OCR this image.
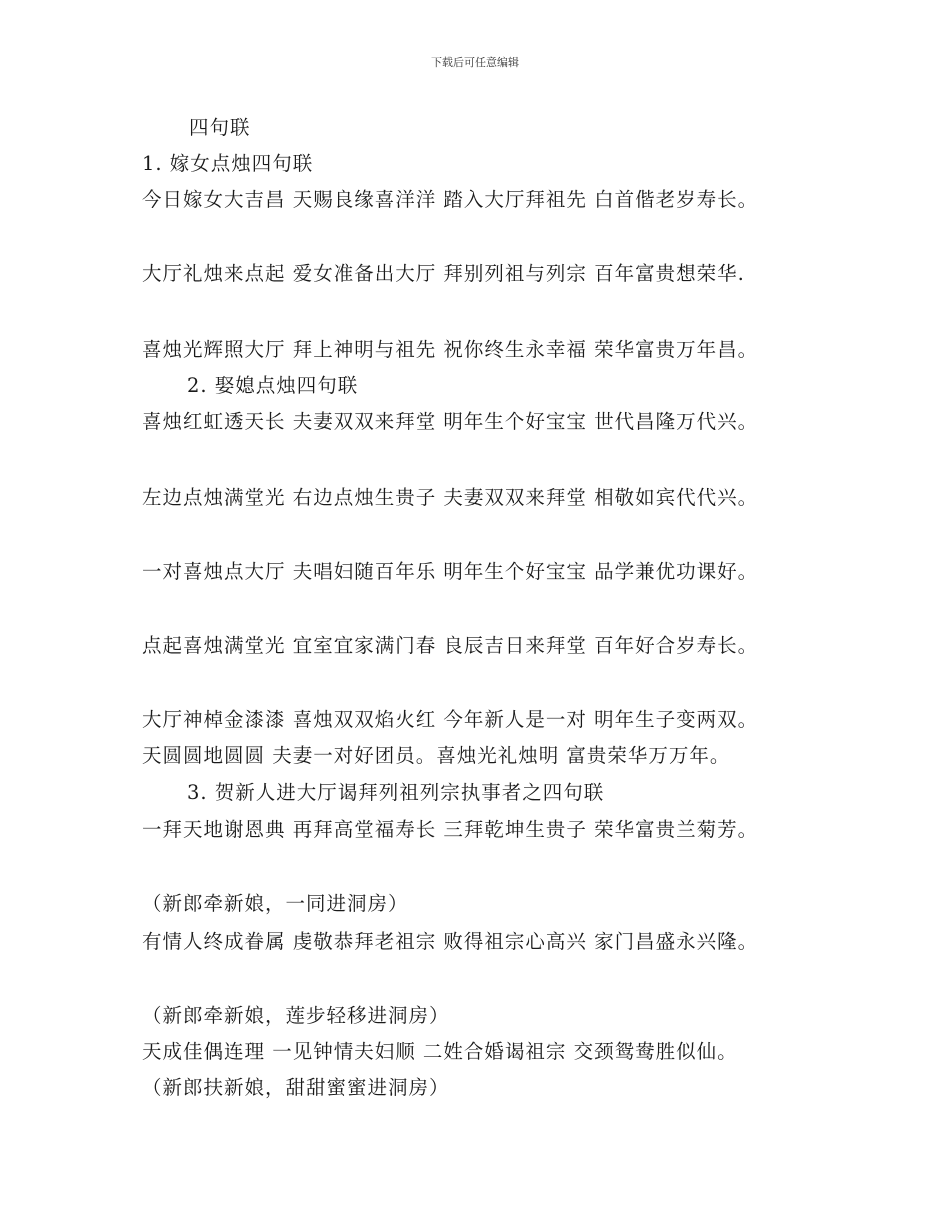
下载后可任意编辑
四句联
1. 嫁女点烛四句联
今日嫁女大吉昌 天赐良缘喜洋洋 踏入大厅拜祖先 白首偕老岁寿长。
大厅礼烛来点起 爱女准备出大厅 拜别列祖与列宗 百年富贵想荣华.
喜烛光辉照大厅 拜上神明与祖先 祝你终生永幸福 荣华富贵万年昌。
2. 娶媳点烛四句联
喜烛红虹透天长 夫妻双双来拜堂 明年生个好宝宝 世代昌隆万代兴。
左边点烛满堂光 右边点烛生贵子 夫妻双双来拜堂 相敬如宾代代兴。
一对喜烛点大厅 夫唱妇随百年乐 明年生个好宝宝 品学兼优功课好。
点起喜烛满堂光 宜室宜家满门春 良辰吉日来拜堂 百年好合岁寿长。
大厅神棹金漆漆 喜烛双双焰火红 今年新人是一对 明年生子变两双。
天圆圆地圆圆 夫妻一对好团员。喜烛光礼烛明 富贵荣华万万年。
3. 贺新人进大厅谒拜列祖列宗执事者之四句联
一拜天地谢恩典 再拜高堂福寿长 三拜乾坤生贵子 荣华富贵兰菊芳。
（新郎牵新娘，一同进洞房）
有情人终成眷属 虔敬恭拜老祖宗 败得祖宗心高兴 家门昌盛永兴隆。
（新郎牵新娘，莲步轻移进洞房）
天成佳偶连理 一见钟情夫妇顺 二姓合婚谒祖宗 交颈鸳鸯胜似仙。
（新郎扶新娘，甜甜蜜蜜进洞房）
